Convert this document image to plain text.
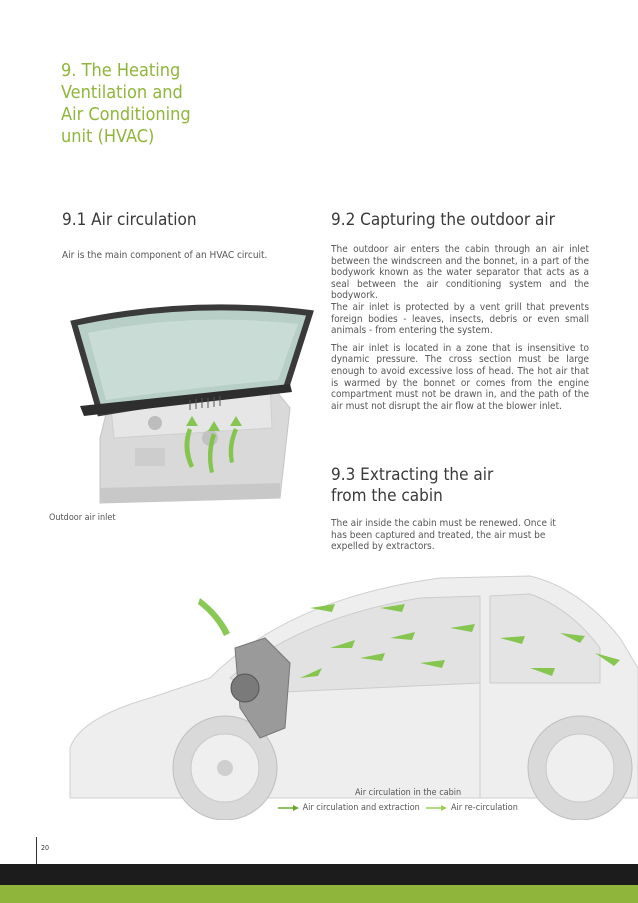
9. The Heating
Ventilation and
Air Conditioning
unit (HVAC)
9.1 Air circulation
Air is the main component of an HVAC circuit.
9.2 Capturing the outdoor air

The outdoor air enters the cabin through an air inlet between the windscreen and the bonnet, in a part of the bodywork known as the water separator that acts as a seal between the air conditioning system and the bodywork.

The air inlet is protected by a vent grill that prevents foreign bodies - leaves, insects, debris or even small animals - from entering the system.

The air inlet is located in a zone that is insensitive to dynamic pressure. The cross section must be large enough to avoid excessive loss of head. The hot air that is warmed by the bonnet or comes from the engine compartment must not be drawn in, and the path of the air must not disrupt the air flow at the blower inlet.

9.3 Extracting the air
from the cabin
The air inside the cabin must be renewed. Once it has been captured and treated, the air must be expelled by extractors.
Outdoor air inlet
Air circulation in the cabin
Air circulation and extraction	Air re-circulation
20
